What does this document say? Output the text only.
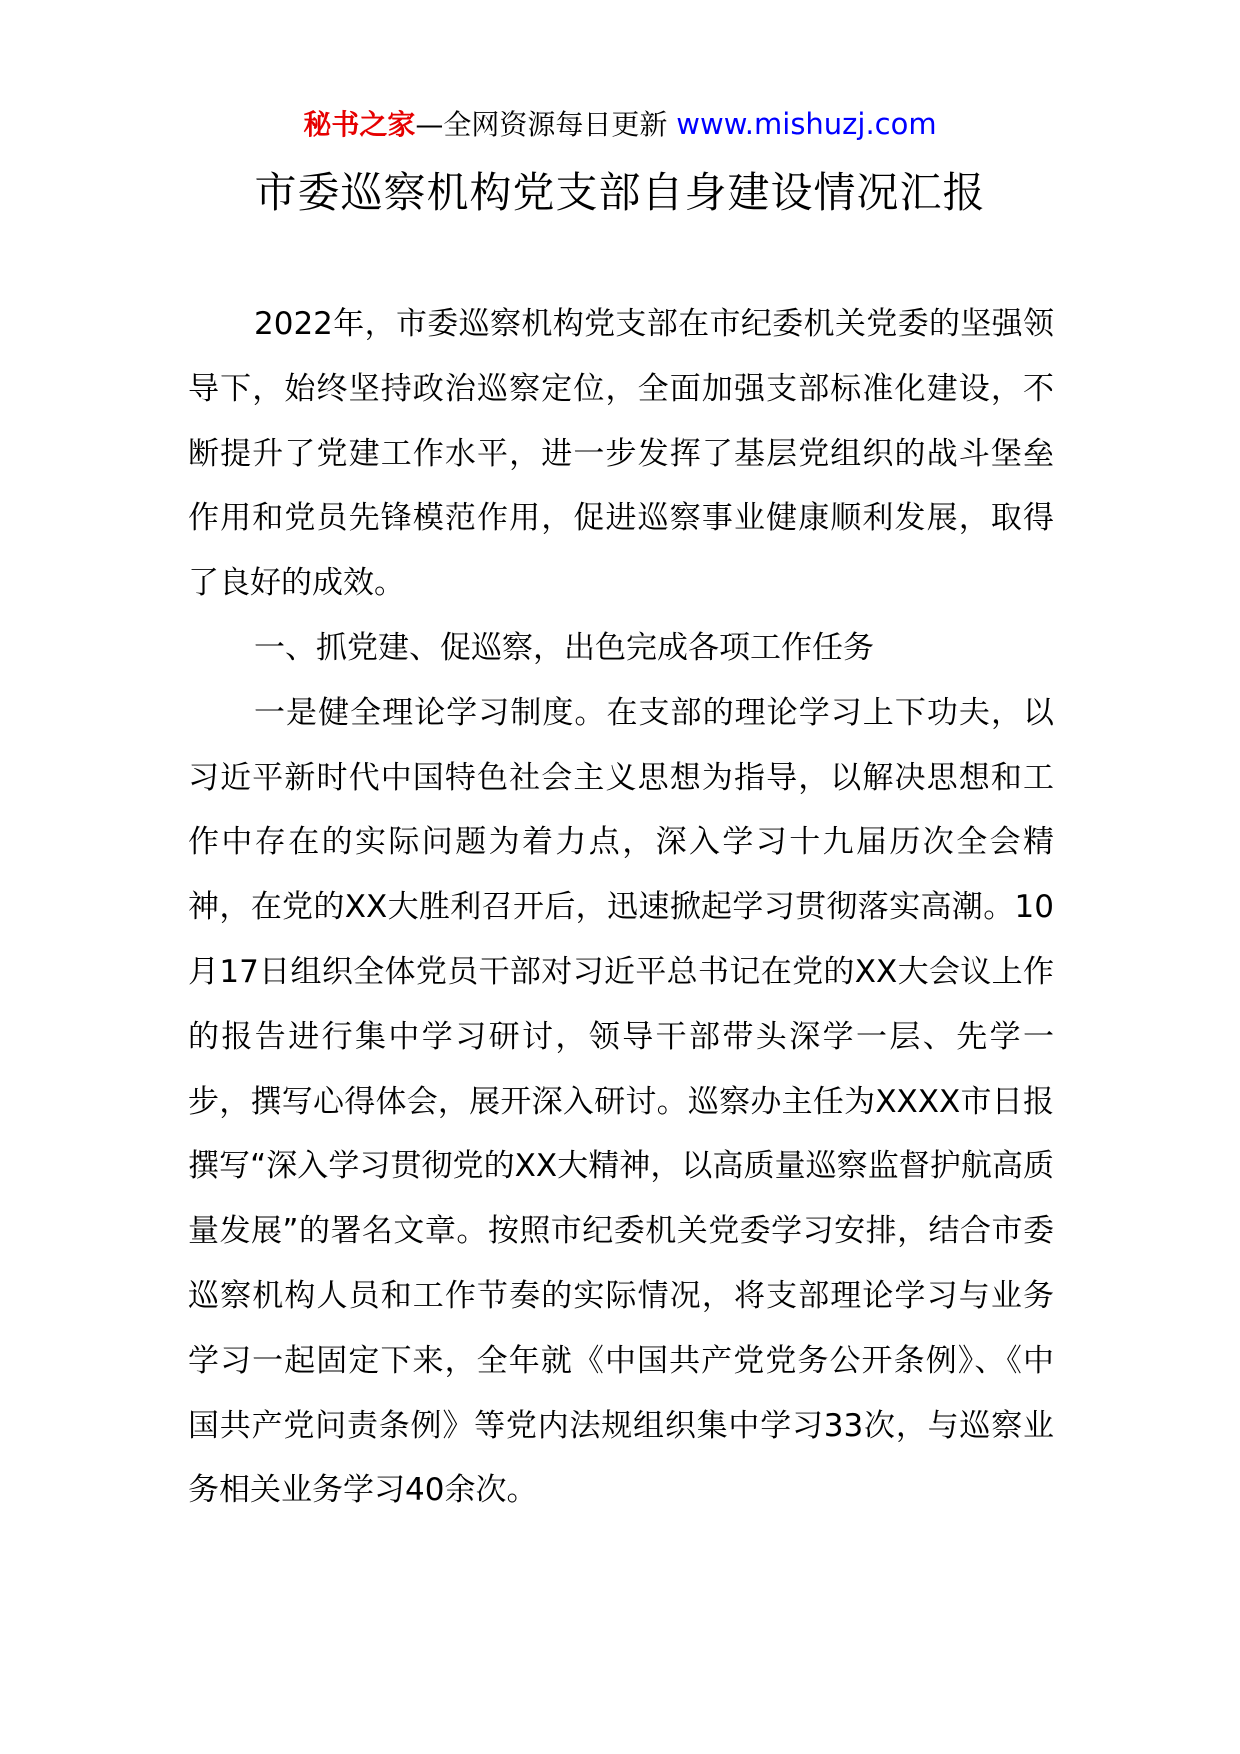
秘书之家—全网资源每日更新 www.mishuzj.com
市委巡察机构党支部自身建设情况汇报

2022年，市委巡察机构党支部在市纪委机关党委的坚强领导下，始终坚持政治巡察定位，全面加强支部标准化建设，不断提升了党建工作水平，进一步发挥了基层党组织的战斗堡垒作用和党员先锋模范作用，促进巡察事业健康顺利发展，取得了良好的成效。

一、抓党建、促巡察，出色完成各项工作任务

一是健全理论学习制度。在支部的理论学习上下功夫，以习近平新时代中国特色社会主义思想为指导，以解决思想和工作中存在的实际问题为着力点，深入学习十九届历次全会精神，在党的XX大胜利召开后，迅速掀起学习贯彻落实高潮。10月17日组织全体党员干部对习近平总书记在党的XX大会议上作的报告进行集中学习研讨，领导干部带头深学一层、先学一步，撰写心得体会，展开深入研讨。巡察办主任为XXXX市日报撰写“深入学习贯彻党的XX大精神，以高质量巡察监督护航高质量发展”的署名文章。按照市纪委机关党委学习安排，结合市委巡察机构人员和工作节奏的实际情况，将支部理论学习与业务学习一起固定下来，全年就《中国共产党党务公开条例》、《中国共产党问责条例》等党内法规组织集中学习33次，与巡察业务相关业务学习40余次。
